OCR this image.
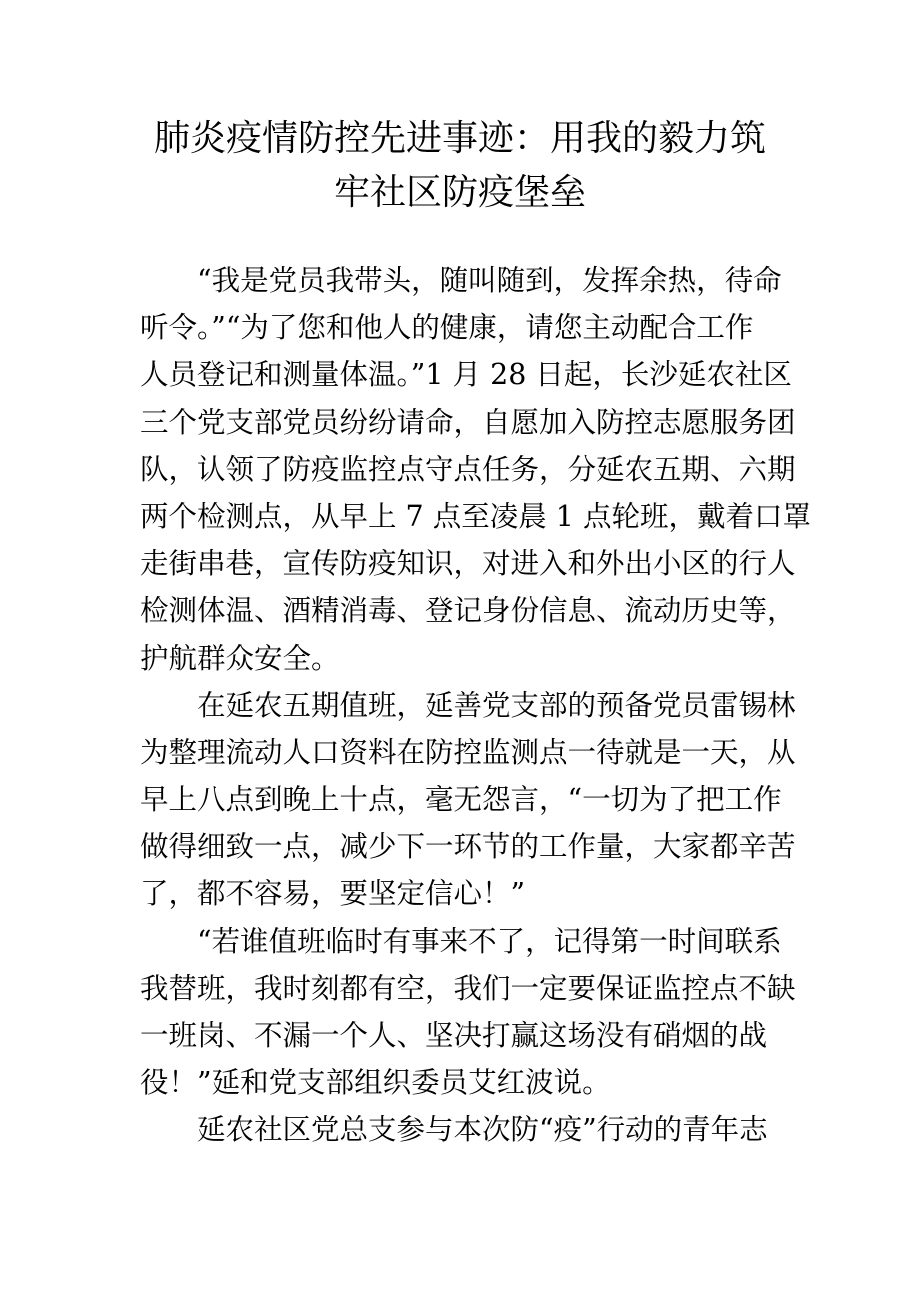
肺炎疫情防控先进事迹：用我的毅力筑
牢社区防疫堡垒
　　“我是党员我带头，随叫随到，发挥余热，待命
听令。”“为了您和他人的健康，请您主动配合工作
人员登记和测量体温。”1 月 28 日起，长沙延农社区
三个党支部党员纷纷请命，自愿加入防控志愿服务团
队，认领了防疫监控点守点任务，分延农五期、六期
两个检测点，从早上 7 点至凌晨 1 点轮班，戴着口罩
走街串巷，宣传防疫知识，对进入和外出小区的行人
检测体温、酒精消毒、登记身份信息、流动历史等，
护航群众安全。
　　在延农五期值班，延善党支部的预备党员雷锡林
为整理流动人口资料在防控监测点一待就是一天，从
早上八点到晚上十点，毫无怨言，“一切为了把工作
做得细致一点，减少下一环节的工作量，大家都辛苦
了，都不容易，要坚定信心！”
　　“若谁值班临时有事来不了，记得第一时间联系
我替班，我时刻都有空，我们一定要保证监控点不缺
一班岗、不漏一个人、坚决打赢这场没有硝烟的战
役！”延和党支部组织委员艾红波说。
　　延农社区党总支参与本次防“疫”行动的青年志
